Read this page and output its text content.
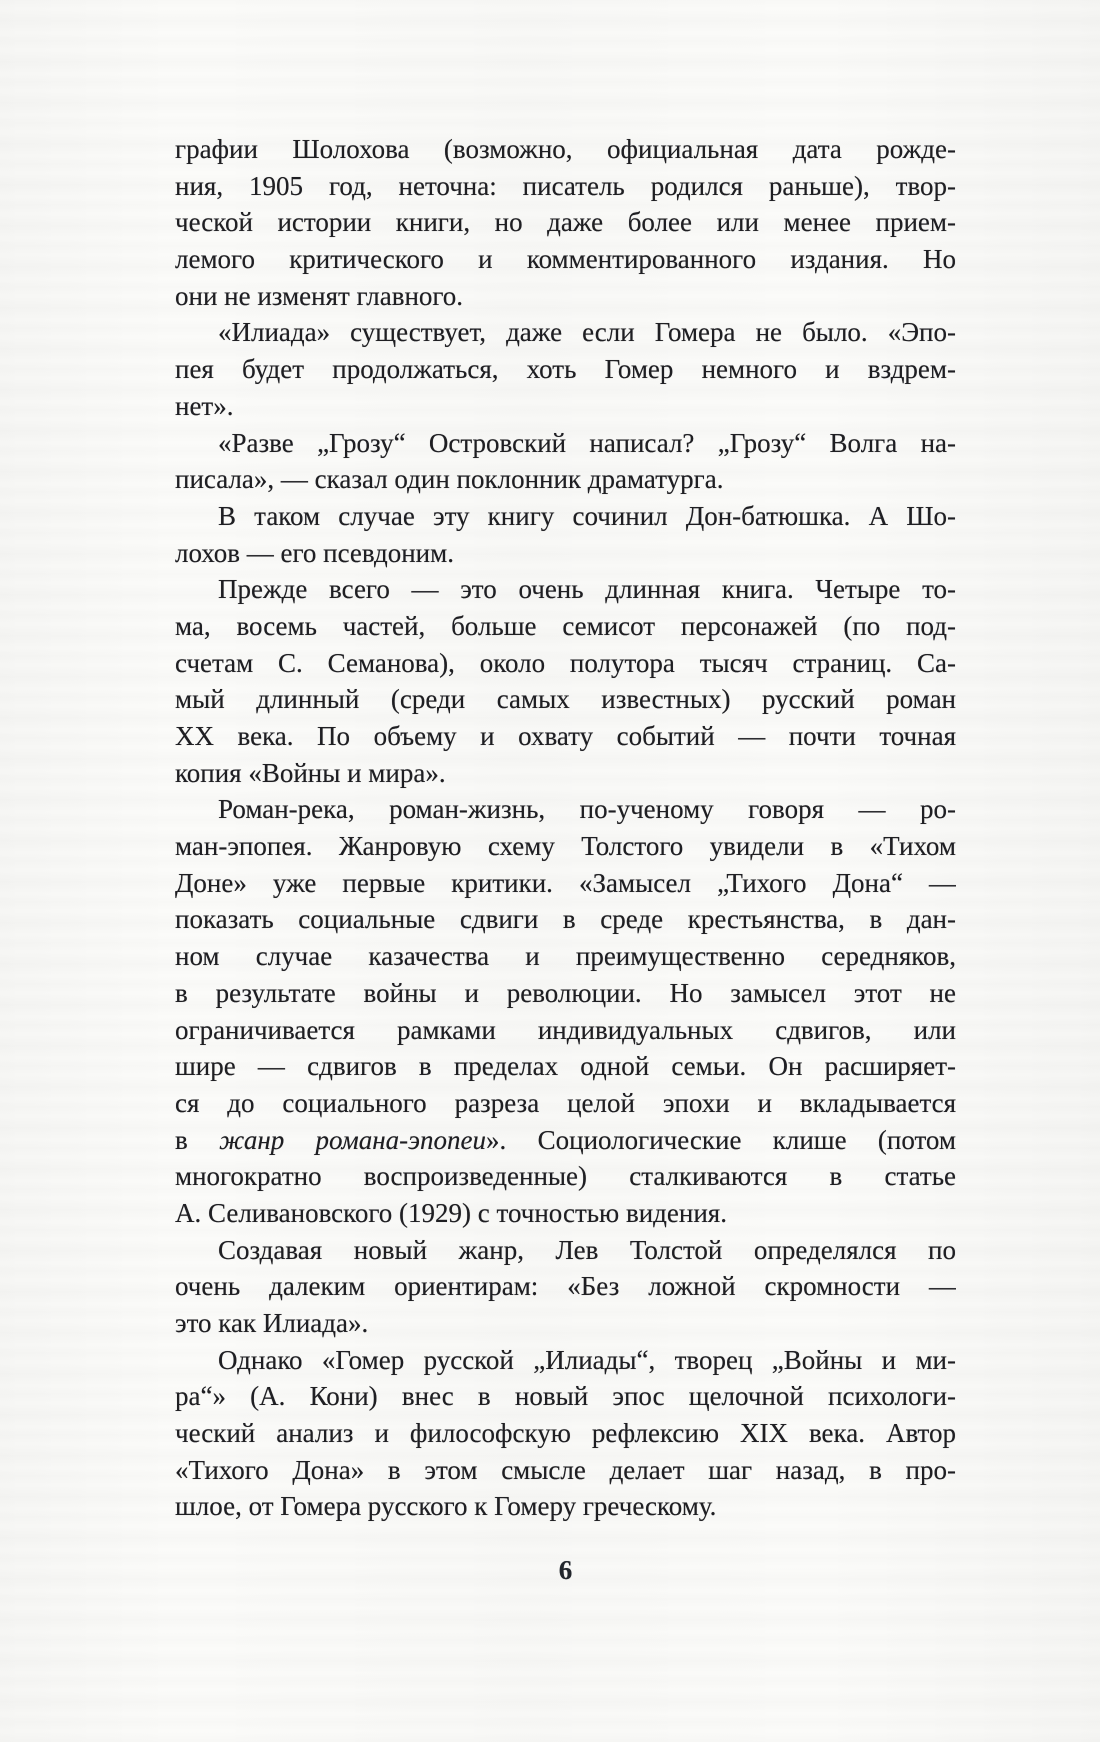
графии Шолохова (возможно, официальная дата рожде-
ния, 1905 год, неточна: писатель родился раньше), твор-
ческой истории книги, но даже более или менее прием-
лемого критического и комментированного издания. Но
они не изменят главного.
«Илиада» существует, даже если Гомера не было. «Эпо-
пея будет продолжаться, хоть Гомер немного и вздрем-
нет».
«Разве „Грозу“ Островский написал? „Грозу“ Волга на-
писала», — сказал один поклонник драматурга.
В таком случае эту книгу сочинил Дон-батюшка. А Шо-
лохов — его псевдоним.
Прежде всего — это очень длинная книга. Четыре то-
ма, восемь частей, больше семисот персонажей (по под-
счетам С. Семанова), около полутора тысяч страниц. Са-
мый длинный (среди самых известных) русский роман
XX века. По объему и охвату событий — почти точная
копия «Войны и мира».
Роман-река, роман-жизнь, по-ученому говоря — ро-
ман-эпопея. Жанровую схему Толстого увидели в «Тихом
Доне» уже первые критики. «Замысел „Тихого Дона“ —
показать социальные сдвиги в среде крестьянства, в дан-
ном случае казачества и преимущественно середняков,
в результате войны и революции. Но замысел этот не
ограничивается рамками индивидуальных сдвигов, или
шире — сдвигов в пределах одной семьи. Он расширяет-
ся до социального разреза целой эпохи и вкладывается
в жанр романа-эпопеи». Социологические клише (потом
многократно воспроизведенные) сталкиваются в статье
А. Селивановского (1929) с точностью видения.
Создавая новый жанр, Лев Толстой определялся по
очень далеким ориентирам: «Без ложной скромности —
это как Илиада».
Однако «Гомер русской „Илиады“, творец „Войны и ми-
ра“» (А. Кони) внес в новый эпос щелочной психологи-
ческий анализ и философскую рефлексию XIX века. Автор
«Тихого Дона» в этом смысле делает шаг назад, в про-
шлое, от Гомера русского к Гомеру греческому.
6
